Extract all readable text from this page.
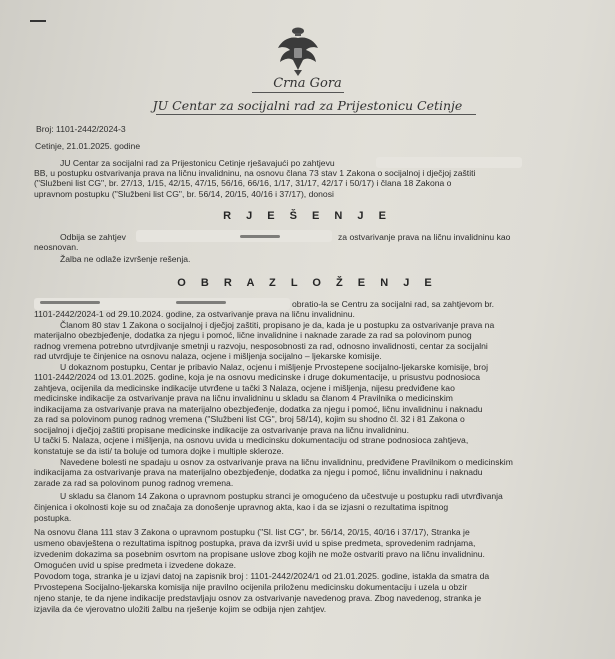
Crna Gora
JU Centar za socijalni rad za Prijestonicu Cetinje
Broj: 1101-2442/2024-3
Cetinje, 21.01.2025. godine
JU Centar za socijalni rad za Prijestonicu Cetinje rješavajući po zahtjevu
BB, u postupku ostvarivanja prava na ličnu invalidninu, na osnovu člana 73 stav 1 Zakona o socijalnoj i dječjoj zaštiti
("Službeni list CG", br. 27/13, 1/15, 42/15, 47/15, 56/16, 66/16, 1/17, 31/17, 42/17 i 50/17) i člana 18 Zakona o
upravnom postupku ("Službeni list CG", br. 56/14, 20/15, 40/16 i 37/17), donosi
R J E Š E N J E
Odbija se zahtjev	za ostvarivanje prava na ličnu invalidninu kao
neosnovan.
Žalba ne odlaže izvršenje rešenja.
O B R A Z L O Ž E N J E
obratio-la se Centru za socijalni rad, sa zahtjevom br.
1101-2442/2024-1 od 29.10.2024. godine, za ostvarivanje prava na ličnu invalidninu.
Članom 80 stav 1 Zakona o socijalnoj i dječjoj zaštiti, propisano je da, kada je u postupku za ostvarivanje prava na
materijalno obezbjeđenje, dodatka za njegu i pomoć, lične invalidnine i naknade zarade za rad sa polovinom punog
radnog vremena potrebno utvrdjivanje smetnji u razvoju, nesposobnosti za rad, odnosno invalidnosti, centar za socijalni
rad utvrdjuje te činjenice na osnovu nalaza, ocjene i mišljenja socijalno – ljekarske komisije.
U dokaznom postupku, Centar je pribavio Nalaz, ocjenu i mišljenje Prvostepene socijalno-ljekarske komisije, broj
1101-2442/2024 od 13.01.2025. godine, koja je na osnovu medicinske i druge dokumentacije, u prisustvu podnosioca
zahtjeva, ocijenila da medicinske indikacije utvrđene u tački 3 Nalaza, ocjene i mišljenja, nijesu predviđene kao
medicinske indikacije za ostvarivanje prava na ličnu invalidninu u skladu sa članom 4 Pravilnika o medicinskim
indikacijama za ostvarivanje prava na materijalno obezbjeđenje, dodatka za njegu i pomoć, ličnu invalidninu i naknadu
za rad sa polovinom punog radnog vremena ("Službeni list CG", broj 58/14), kojim su shodno čl. 32 i 81 Zakona o
socijalnoj i dječjoj zaštiti propisane medicinske indikacije za ostvarivanje prava na ličnu invalidninu.
U tački 5. Nalaza, ocjene i mišljenja, na osnovu uvida u medicinsku dokumentaciju od strane podnosioca zahtjeva,
konstatuje se da isti/ ta boluje od tumora dojke i multiple skleroze.
Navedene bolesti ne spadaju u osnov za ostvarivanje prava na ličnu invalidninu, predviđene Pravilnikom o medicinskim
indikacijama za ostvarivanje prava na materijalno obezbjeđenje, dodatka za njegu i pomoć, ličnu invalidninu i naknadu
zarade za rad sa polovinom punog radnog vremena.
U skladu sa članom 14 Zakona o upravnom postupku stranci je omogućeno da učestvuje u postupku radi utvrđivanja
činjenica i okolnosti koje su od značaja za donošenje upravnog akta, kao i da se izjasni o rezultatima ispitnog
postupka.
Na osnovu člana 111 stav 3 Zakona o upravnom postupku ("Sl. list CG", br. 56/14, 20/15, 40/16 i 37/17), Stranka je
usmeno obavještena o rezultatima ispitnog postupka, prava da izvrši uvid u spise predmeta, sprovedenim radnjama,
izvedenim dokazima sa posebnim osvrtom na propisane uslove zbog kojih ne može ostvariti pravo na ličnu invalidninu.
Omogućen uvid u spise predmeta i izvedene dokaze.
Povodom toga, stranka je u izjavi datoj na zapisnik broj : 1101-2442/2024/1 od 21.01.2025. godine, istakla da smatra da
Prvostepena Socijalno-ljekarska komisija nije pravilno ocijenila priloženu medicinsku dokumentaciju i uzela u obzir
njeno stanje, te da njene indikacije predstavljaju osnov za ostvarivanje navedenog prava. Zbog navedenog, stranka je
izjavila da će vjerovatno uložiti žalbu na rješenje kojim se odbija njen zahtjev.
